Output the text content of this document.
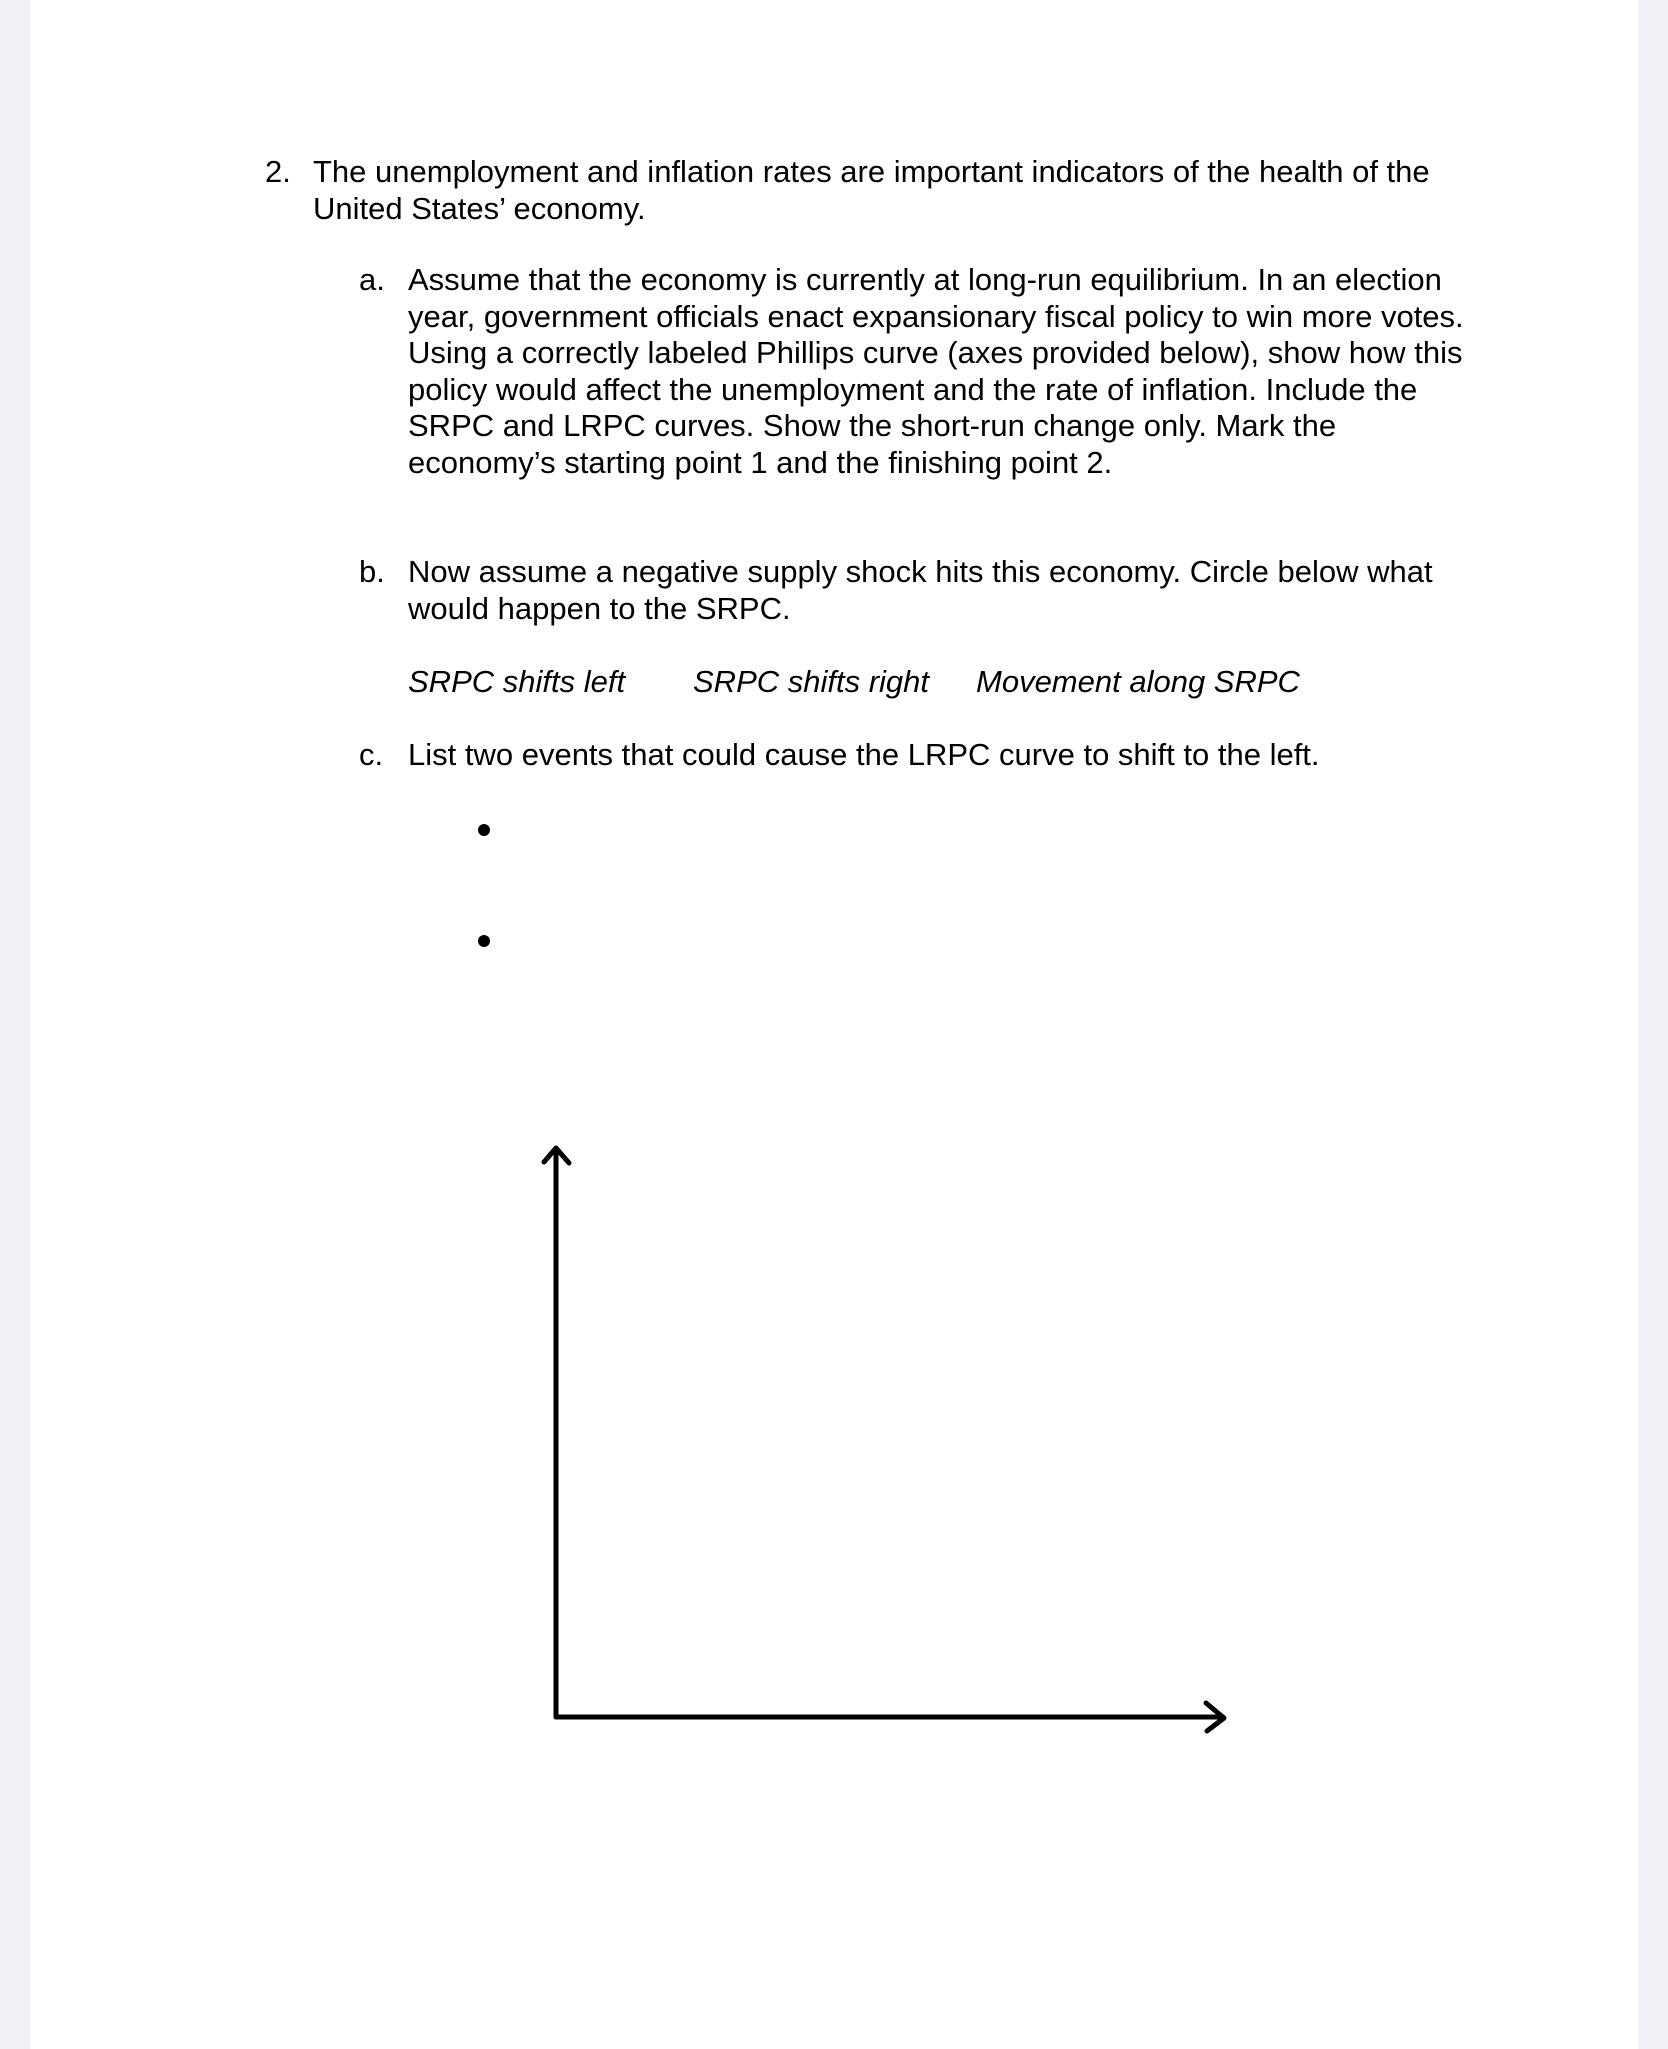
2. The unemployment and inflation rates are important indicators of the health of the United States’ economy.
a. Assume that the economy is currently at long-run equilibrium. In an election year, government officials enact expansionary fiscal policy to win more votes. Using a correctly labeled Phillips curve (axes provided below), show how this policy would affect the unemployment and the rate of inflation. Include the SRPC and LRPC curves. Show the short-run change only. Mark the economy’s starting point 1 and the finishing point 2.
b. Now assume a negative supply shock hits this economy. Circle below what would happen to the SRPC.
SRPC shifts left SRPC shifts right Movement along SRPC
c. List two events that could cause the LRPC curve to shift to the left.
